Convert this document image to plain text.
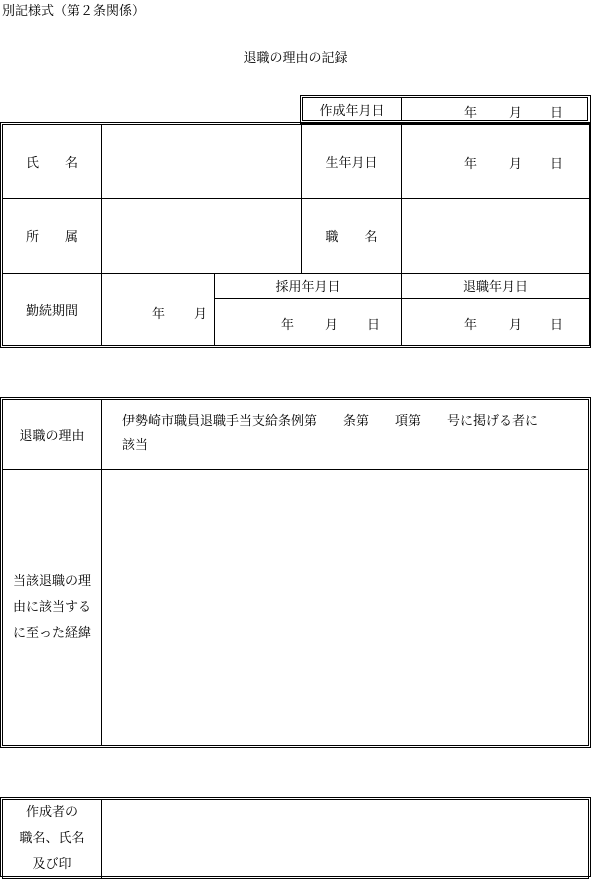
別記様式（第２条関係）
退職の理由の記録
作成年月日	年 月 日
氏　　名			生年月日	年 月 日

所　　属			職　　名	
勤続期間	年 月	採用年月日		退職年月日

		年 月 日		年 月 日
退職の理由	伊勢崎市職員退職手当支給条例第　　条第　　項第　　号に掲げる者に
該当

当該退職の理
由に該当する
に至った経緯	

作成者の
職名、氏名
及び印
